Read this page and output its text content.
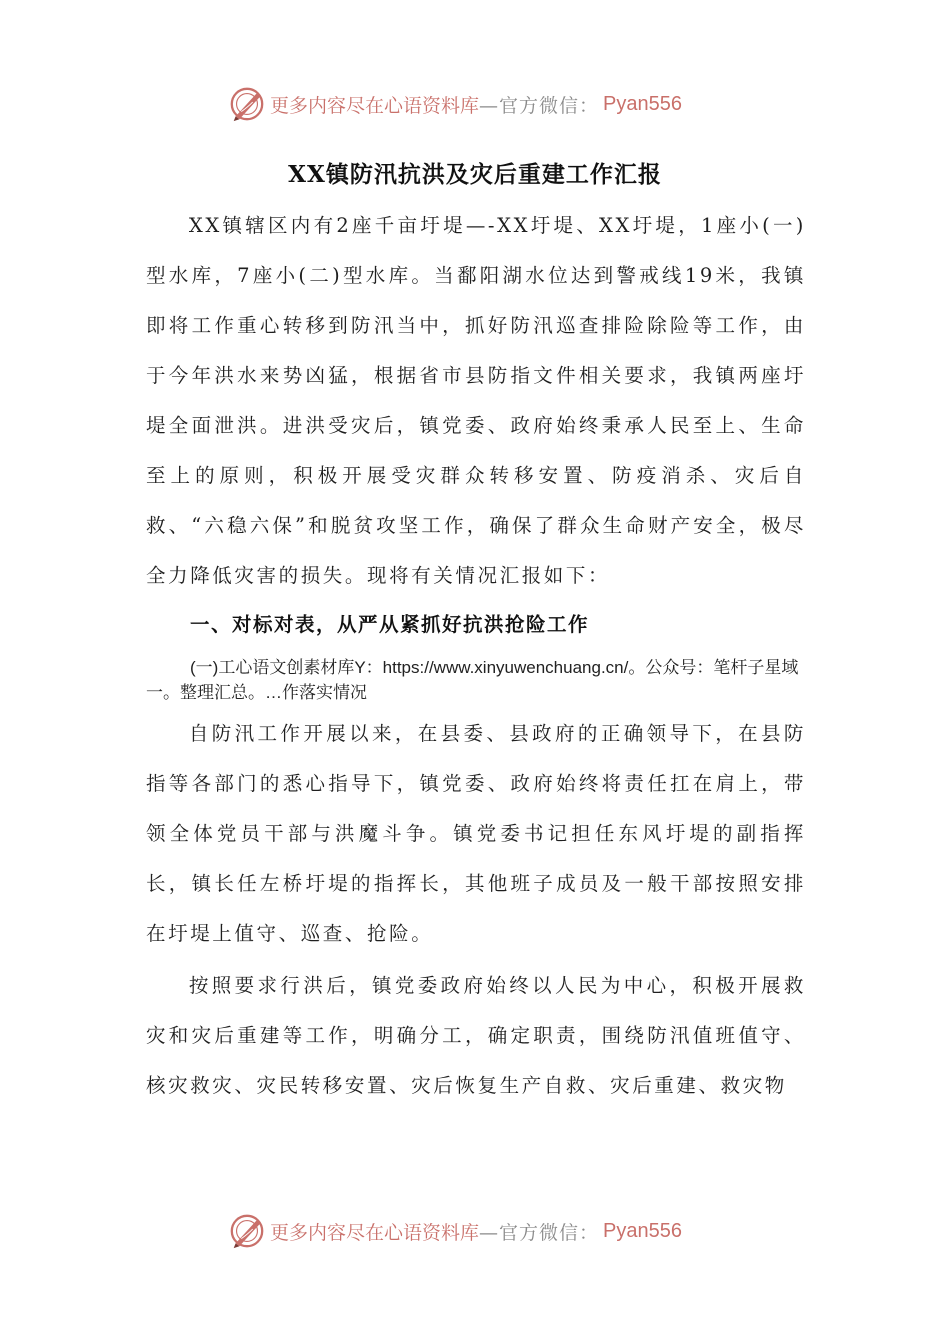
更多内容尽在心语资料库 —官方微信： Pyan556
XX镇防汛抗洪及灾后重建工作汇报
XX镇辖区内有2座千亩圩堤—-XX圩堤、XX圩堤，1座小(一)型水库，7座小(二)型水库。当鄱阳湖水位达到警戒线19米，我镇即将工作重心转移到防汛当中，抓好防汛巡查排险除险等工作，由于今年洪水来势凶猛，根据省市县防指文件相关要求，我镇两座圩堤全面泄洪。进洪受灾后，镇党委、政府始终秉承人民至上、生命至上的原则，积极开展受灾群众转移安置、防疫消杀、灾后自救、“六稳六保”和脱贫攻坚工作，确保了群众生命财产安全，极尽全力降低灾害的损失。现将有关情况汇报如下：
一、对标对表，从严从紧抓好抗洪抢险工作
(一)工心语文创素材库Y：https://www.xinyuwenchuang.cn/。公众号：笔杆子星域一。整理汇总。…作落实情况
自防汛工作开展以来，在县委、县政府的正确领导下，在县防指等各部门的悉心指导下，镇党委、政府始终将责任扛在肩上，带领全体党员干部与洪魔斗争。镇党委书记担任东风圩堤的副指挥长，镇长任左桥圩堤的指挥长，其他班子成员及一般干部按照安排在圩堤上值守、巡查、抢险。
按照要求行洪后，镇党委政府始终以人民为中心，积极开展救灾和灾后重建等工作，明确分工，确定职责，围绕防汛值班值守、核灾救灾、灾民转移安置、灾后恢复生产自救、灾后重建、救灾物
更多内容尽在心语资料库 —官方微信： Pyan556
